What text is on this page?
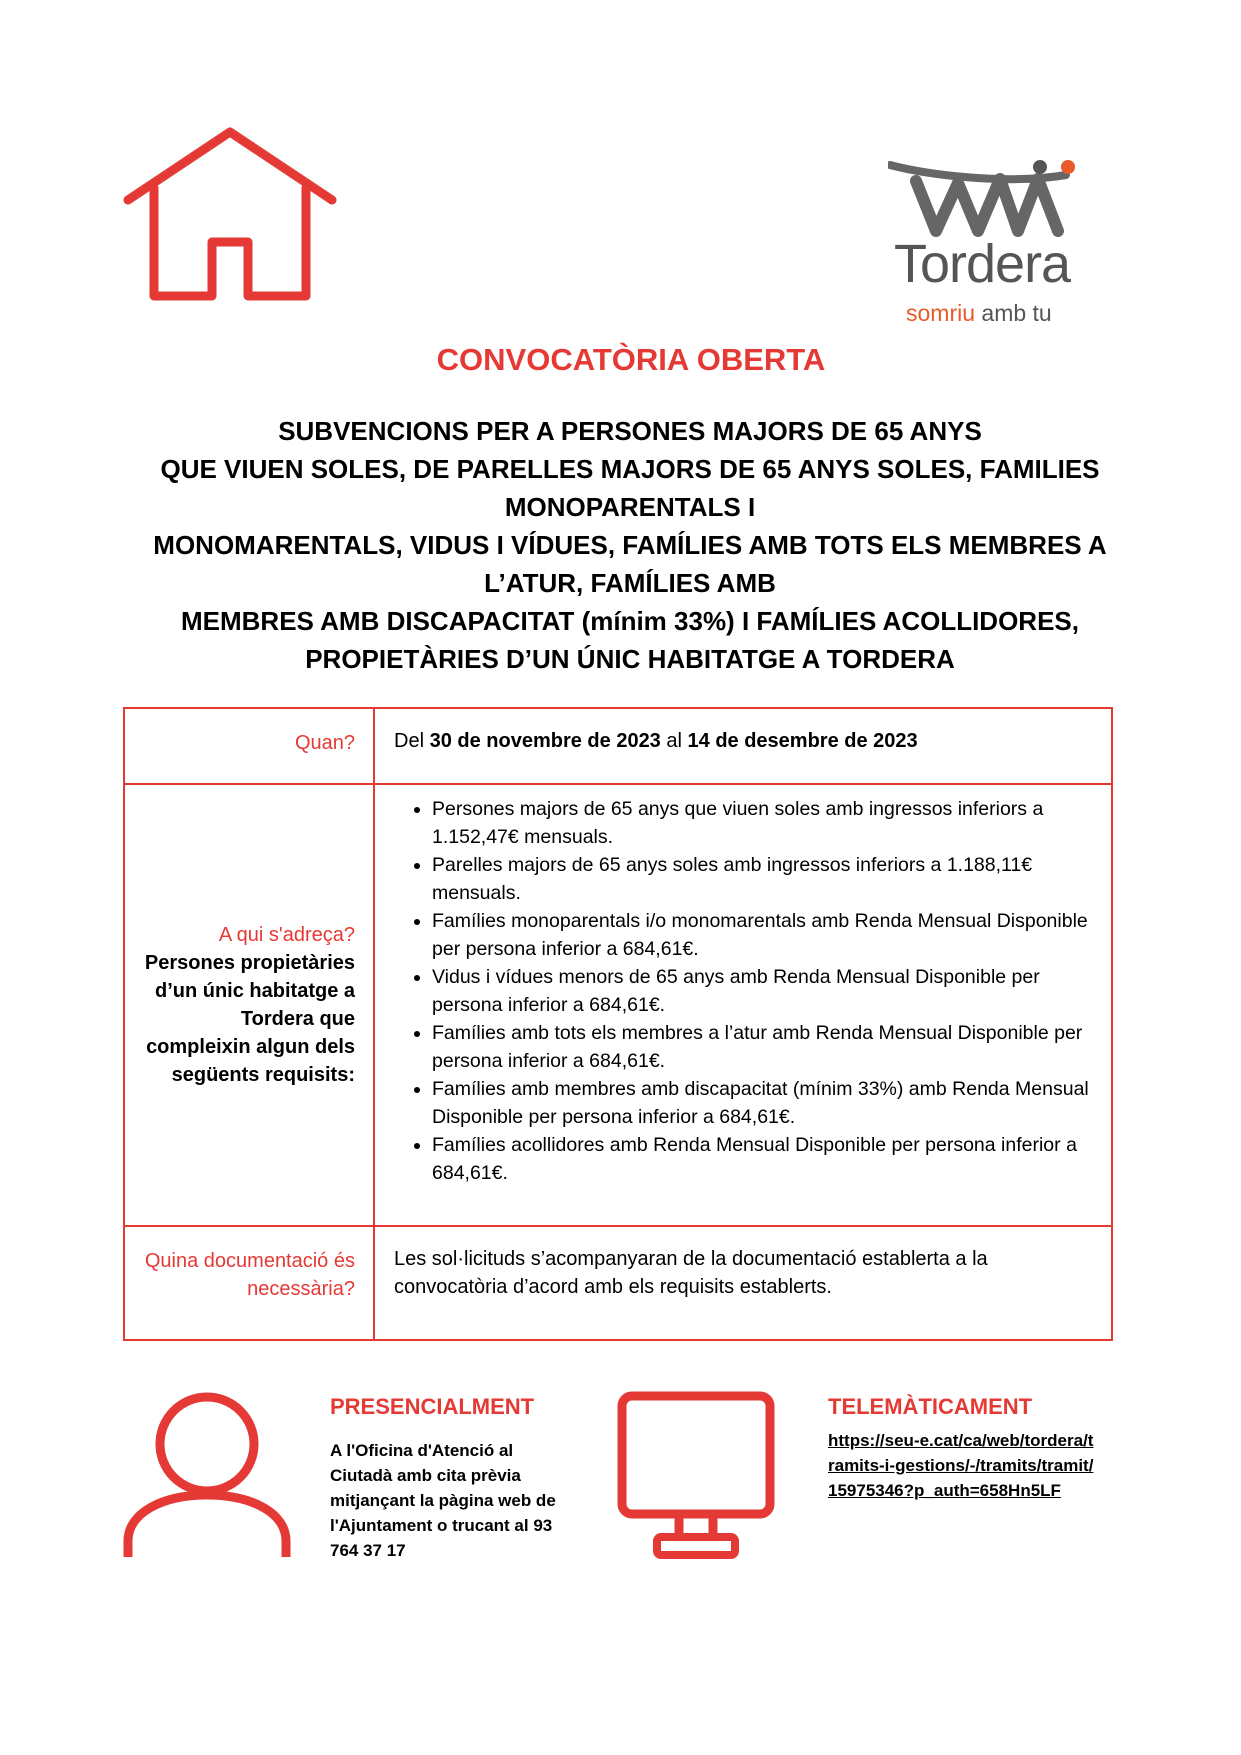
Tordera
somriu amb tu
CONVOCATÒRIA OBERTA
SUBVENCIONS PER A PERSONES MAJORS DE 65 ANYS
QUE VIUEN SOLES, DE PARELLES MAJORS DE 65 ANYS SOLES, FAMILIES
MONOPARENTALS I
MONOMARENTALS, VIDUS I VÍDUES, FAMÍLIES AMB TOTS ELS MEMBRES A
L’ATUR, FAMÍLIES AMB
MEMBRES AMB DISCAPACITAT (mínim 33%) I FAMÍLIES ACOLLIDORES,
PROPIETÀRIES D’UN ÚNIC HABITATGE A TORDERA
Quan?	Del 30 de novembre de 2023 al 14 de desembre de 2023
A qui s'adreça?
Persones propietàries d’un únic habitatge a Tordera que compleixin algun dels següents requisits:
• Persones majors de 65 anys que viuen soles amb ingressos inferiors a 1.152,47€ mensuals.
• Parelles majors de 65 anys soles amb ingressos inferiors a 1.188,11€ mensuals.
• Famílies monoparentals i/o monomarentals amb Renda Mensual Disponible per persona inferior a 684,61€.
• Vidus i vídues menors de 65 anys amb Renda Mensual Disponible per persona inferior a 684,61€.
• Famílies amb tots els membres a l’atur amb Renda Mensual Disponible per persona inferior a 684,61€.
• Famílies amb membres amb discapacitat (mínim 33%) amb Renda Mensual Disponible per persona inferior a 684,61€.
• Famílies acollidores amb Renda Mensual Disponible per persona inferior a 684,61€.
Quina documentació és necessària?
Les sol·licituds s’acompanyaran de la documentació establerta a la convocatòria d’acord amb els requisits establerts.
PRESENCIALMENT
A l'Oficina d'Atenció al Ciutadà amb cita prèvia mitjançant la pàgina web de l'Ajuntament o trucant al 93 764 37 17
TELEMÀTICAMENT
https://seu-e.cat/ca/web/tordera/tramits-i-gestions/-/tramits/tramit/15975346?p_auth=658Hn5LF
